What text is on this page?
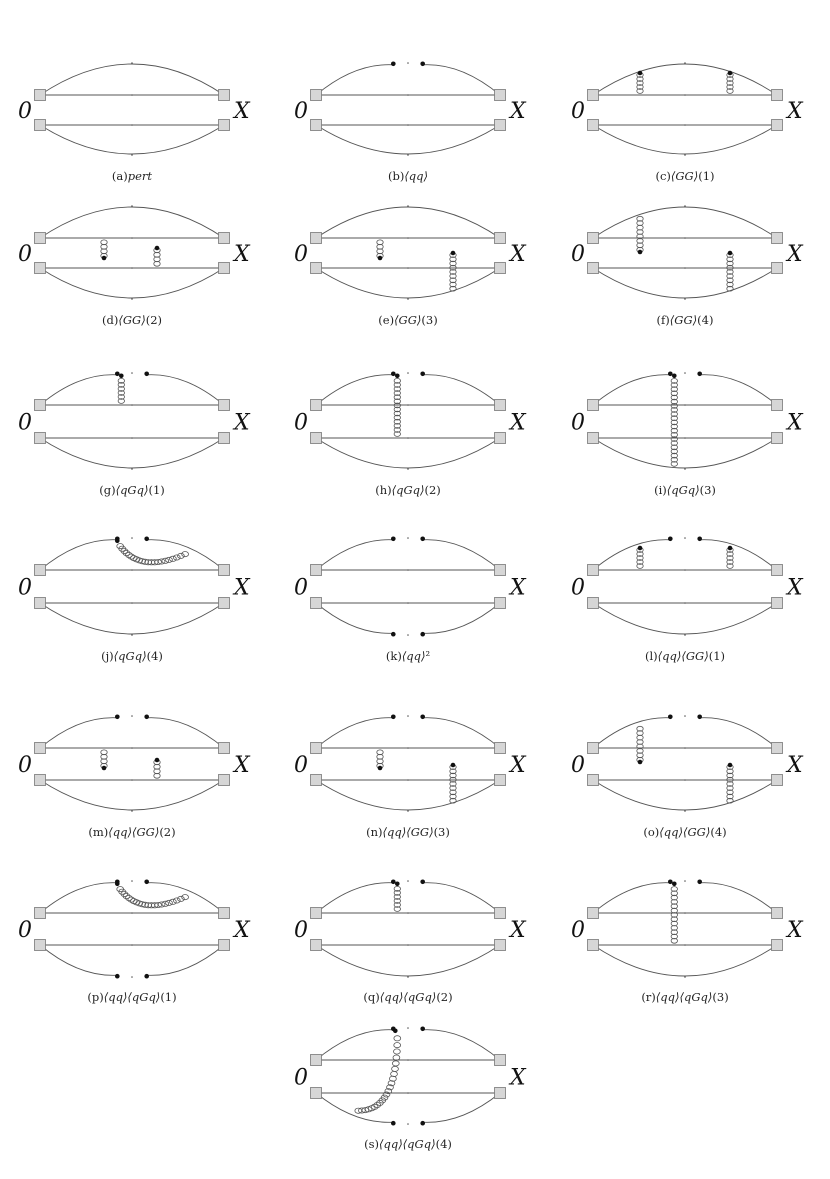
0	X
(a)pert
0	X
(b)⟨qq⟩
0	X
(c)⟨GG⟩(1)
0	X
(d)⟨GG⟩(2)
0	X
(e)⟨GG⟩(3)
0	X
(f)⟨GG⟩(4)
0	X
(g)⟨qGq⟩(1)
0	X
(h)⟨qGq⟩(2)
0	X
(i)⟨qGq⟩(3)
0	X
(j)⟨qGq⟩(4)
0	X
(k)⟨qq⟩²
0	X
(l)⟨qq⟩⟨GG⟩(1)
0	X
(m)⟨qq⟩⟨GG⟩(2)
0	X
(n)⟨qq⟩⟨GG⟩(3)
0	X
(o)⟨qq⟩⟨GG⟩(4)
0	X
(p)⟨qq⟩⟨qGq⟩(1)
0	X
(q)⟨qq⟩⟨qGq⟩(2)
0	X
(r)⟨qq⟩⟨qGq⟩(3)
0	X
(s)⟨qq⟩⟨qGq⟩(4)
